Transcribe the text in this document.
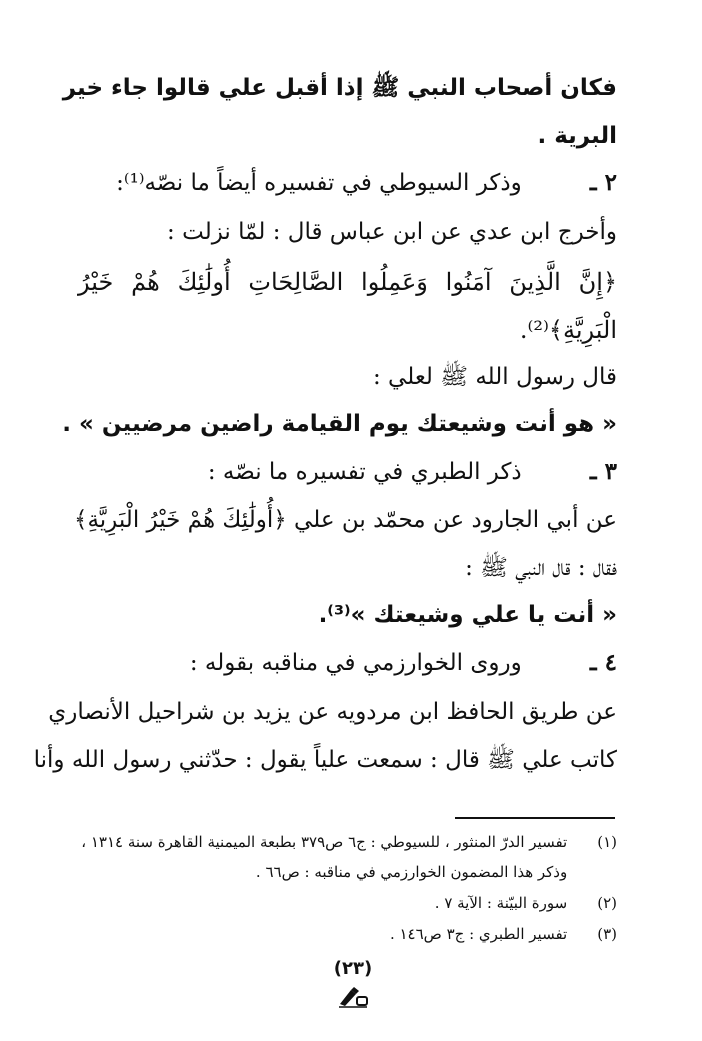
فكان أصحاب النبي ﷺ إذا أقبل علي قالوا جاء خير
البرية .
٢ ـ وذكر السيوطي في تفسيره أيضاً ما نصّه⁽¹⁾:
وأخرج ابن عدي عن ابن عباس قال : لمّا نزلت :
﴿إِنَّ الَّذِينَ آمَنُوا وَعَمِلُوا الصَّالِحَاتِ أُولَٰئِكَ هُمْ خَيْرُ
الْبَرِيَّةِ﴾⁽²⁾.
قال رسول الله ﷺ لعلي :
« هو أنت وشيعتك يوم القيامة راضين مرضيين » .
٣ ـ ذكر الطبري في تفسيره ما نصّه :
عن أبي الجارود عن محمّد بن علي ﴿أُولَٰئِكَ هُمْ خَيْرُ الْبَرِيَّةِ﴾
فقال : قال النبي ﷺ :
« أنت يا علي وشيعتك »⁽³⁾.
٤ ـ وروى الخوارزمي في مناقبه بقوله :
عن طريق الحافظ ابن مردويه عن يزيد بن شراحيل الأنصاري
كاتب علي ﷺ قال : سمعت علياً يقول : حدّثني رسول الله وأنا
(١) تفسير الدرّ المنثور ، للسيوطي : ج٦ ص٣٧٩ بطبعة الميمنية القاهرة سنة ١٣١٤ ،
وذكر هذا المضمون الخوارزمي في مناقبه : ص٦٦ .
(٢) سورة البيّنة : الآية ٧ .
(٣) تفسير الطبري : ج٣ ص١٤٦ .
(٢٣)
